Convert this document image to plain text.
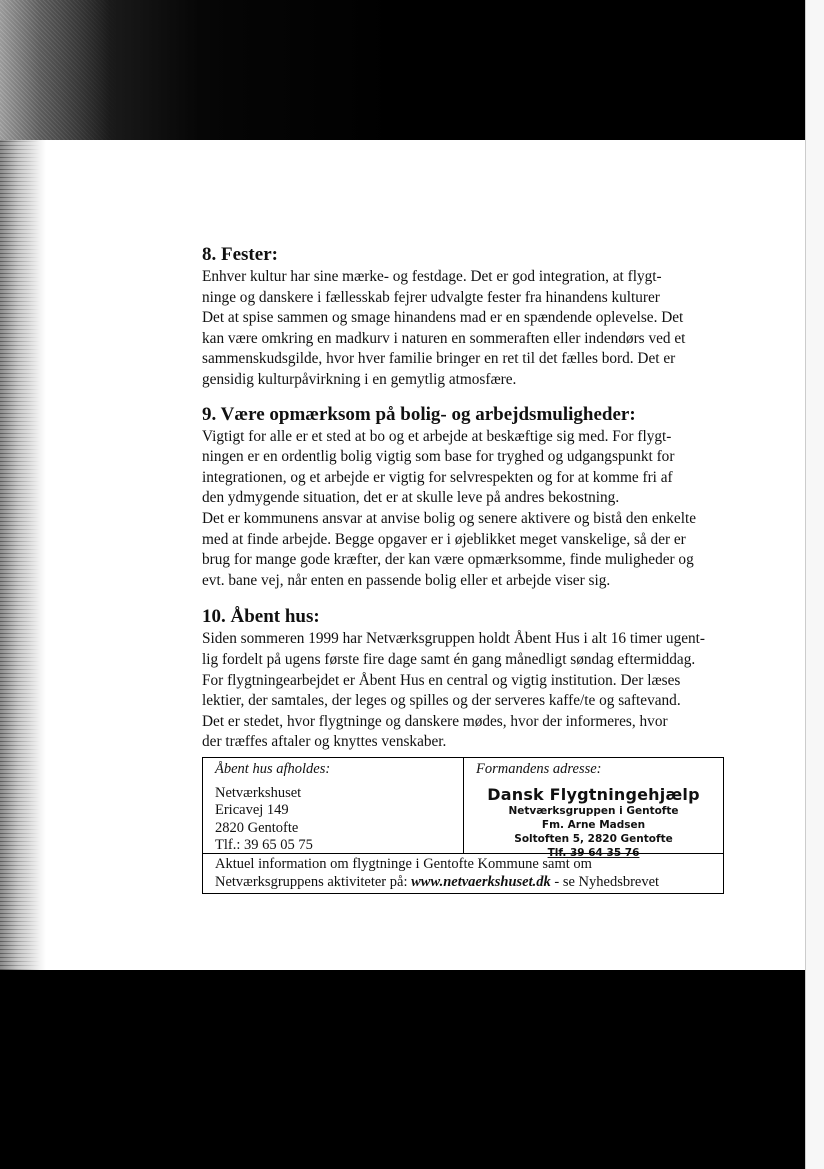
8. Fester:

Enhver kultur har sine mærke- og festdage. Det er god integration, at flygt-

ninge og danskere i fællesskab fejrer udvalgte fester fra hinandens kulturer

Det at spise sammen og smage hinandens mad er en spændende oplevelse. Det

kan være omkring en madkurv i naturen en sommeraften eller indendørs ved et

sammenskudsgilde, hvor hver familie bringer en ret til det fælles bord. Det er

gensidig kulturpåvirkning i en gemytlig atmosfære.

9. Være opmærksom på bolig- og arbejdsmuligheder:

Vigtigt for alle er et sted at bo og et arbejde at beskæftige sig med. For flygt-

ningen er en ordentlig bolig vigtig som base for tryghed og udgangspunkt for

integrationen, og et arbejde er vigtig for selvrespekten og for at komme fri af

den ydmygende situation, det er at skulle leve på andres bekostning.

Det er kommunens ansvar at anvise bolig og senere aktivere og bistå den enkelte

med at finde arbejde. Begge opgaver er i øjeblikket meget vanskelige, så der er

brug for mange gode kræfter, der kan være opmærksomme, finde muligheder og

evt. bane vej, når enten en passende bolig eller et arbejde viser sig.

10. Åbent hus:

Siden sommeren 1999 har Netværksgruppen holdt Åbent Hus i alt 16 timer ugent-

lig fordelt på ugens første fire dage samt én gang månedligt søndag eftermiddag.

For flygtningearbejdet er Åbent Hus en central og vigtig institution. Der læses

lektier, der samtales, der leges og spilles og der serveres kaffe/te og saftevand.

Det er stedet, hvor flygtninge og danskere mødes, hvor der informeres, hvor

der træffes aftaler og knyttes venskaber.

Åbent hus afholdes:
Netværkshuset
Ericavej 149
2820 Gentofte
Tlf.: 39 65 05 75
Formandens adresse:
Dansk Flygtningehjælp
Netværksgruppen i Gentofte
Fm. Arne Madsen
Soltoften 5, 2820 Gentofte
Tlf. 39 64 35 76
Aktuel information om flygtninge i Gentofte Kommune samt om
Netværksgruppens aktiviteter på: www.netvaerkshuset.dk - se Nyhedsbrevet
